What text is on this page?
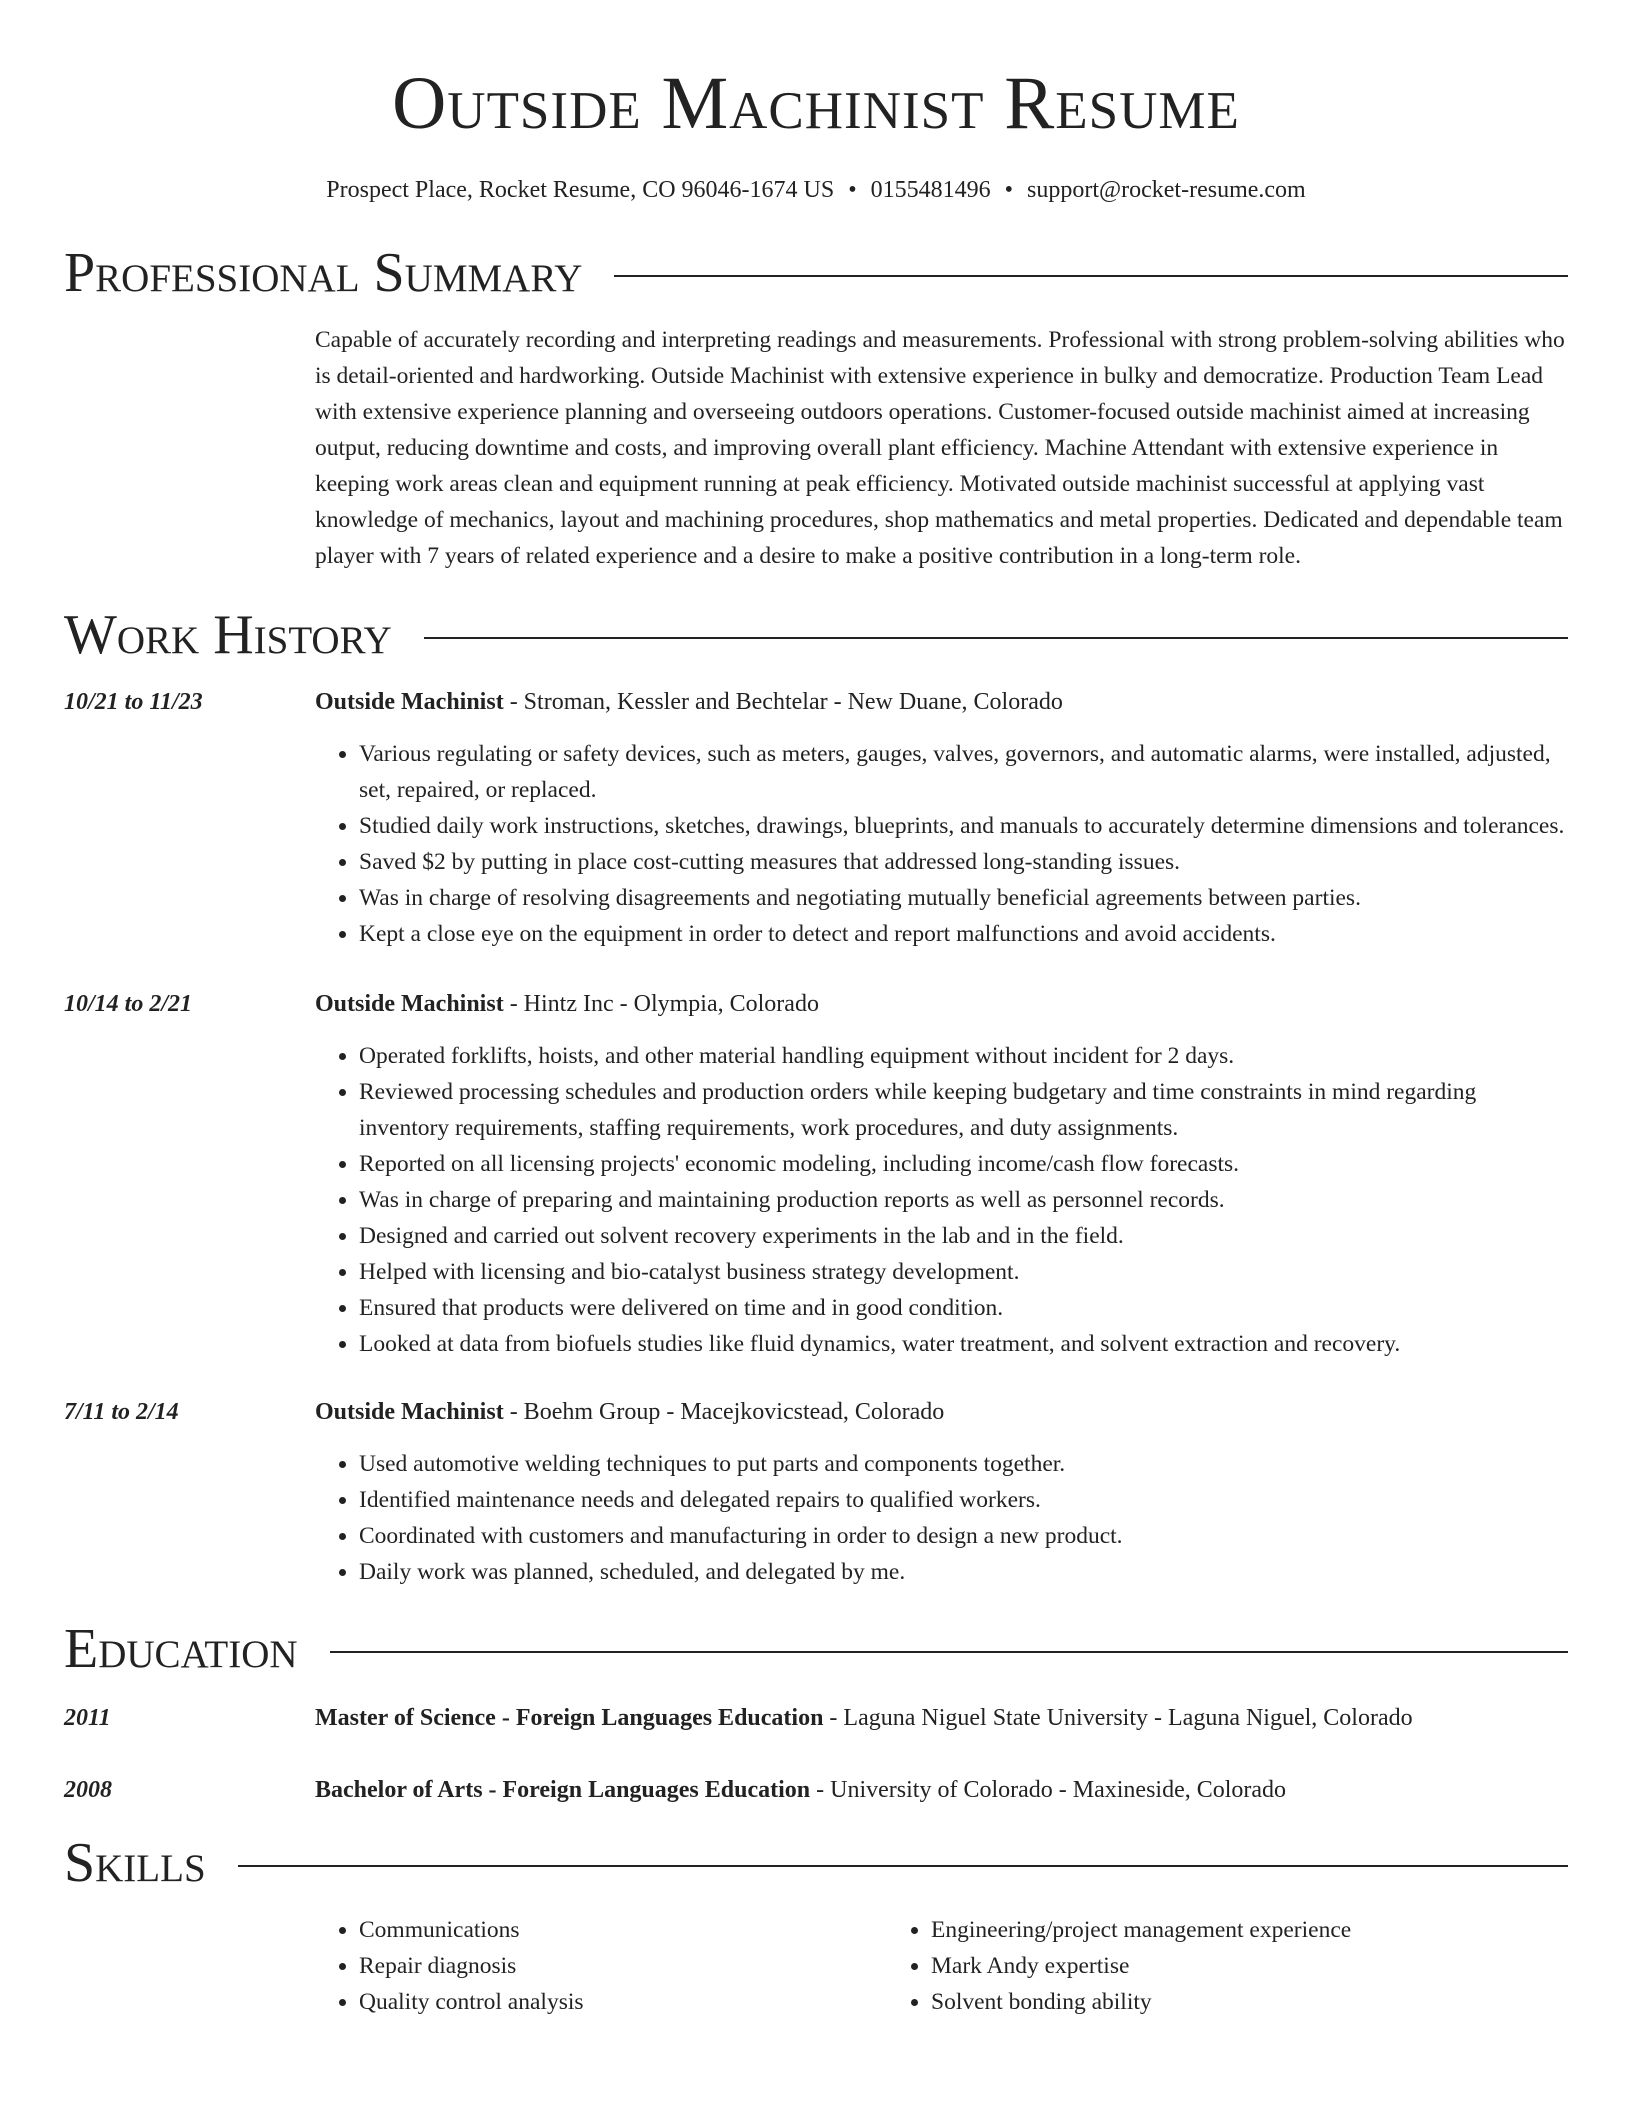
Outside Machinist Resume
Prospect Place, Rocket Resume, CO 96046-1674 US • 0155481496 • support@rocket-resume.com
Professional Summary
Capable of accurately recording and interpreting readings and measurements. Professional with strong problem-solving abilities who is detail-oriented and hardworking. Outside Machinist with extensive experience in bulky and democratize. Production Team Lead with extensive experience planning and overseeing outdoors operations. Customer-focused outside machinist aimed at increasing output, reducing downtime and costs, and improving overall plant efficiency. Machine Attendant with extensive experience in keeping work areas clean and equipment running at peak efficiency. Motivated outside machinist successful at applying vast knowledge of mechanics, layout and machining procedures, shop mathematics and metal properties. Dedicated and dependable team player with 7 years of related experience and a desire to make a positive contribution in a long-term role.
Work History
10/21 to 11/23	Outside Machinist - Stroman, Kessler and Bechtelar - New Duane, Colorado
• Various regulating or safety devices, such as meters, gauges, valves, governors, and automatic alarms, were installed, adjusted, set, repaired, or replaced.
• Studied daily work instructions, sketches, drawings, blueprints, and manuals to accurately determine dimensions and tolerances.
• Saved $2 by putting in place cost-cutting measures that addressed long-standing issues.
• Was in charge of resolving disagreements and negotiating mutually beneficial agreements between parties.
• Kept a close eye on the equipment in order to detect and report malfunctions and avoid accidents.
10/14 to 2/21	Outside Machinist - Hintz Inc - Olympia, Colorado
• Operated forklifts, hoists, and other material handling equipment without incident for 2 days.
• Reviewed processing schedules and production orders while keeping budgetary and time constraints in mind regarding inventory requirements, staffing requirements, work procedures, and duty assignments.
• Reported on all licensing projects' economic modeling, including income/cash flow forecasts.
• Was in charge of preparing and maintaining production reports as well as personnel records.
• Designed and carried out solvent recovery experiments in the lab and in the field.
• Helped with licensing and bio-catalyst business strategy development.
• Ensured that products were delivered on time and in good condition.
• Looked at data from biofuels studies like fluid dynamics, water treatment, and solvent extraction and recovery.
7/11 to 2/14	Outside Machinist - Boehm Group - Macejkovicstead, Colorado
• Used automotive welding techniques to put parts and components together.
• Identified maintenance needs and delegated repairs to qualified workers.
• Coordinated with customers and manufacturing in order to design a new product.
• Daily work was planned, scheduled, and delegated by me.
Education
2011	Master of Science - Foreign Languages Education - Laguna Niguel State University - Laguna Niguel, Colorado
2008	Bachelor of Arts - Foreign Languages Education - University of Colorado - Maxineside, Colorado
Skills
• Communications
• Repair diagnosis
• Quality control analysis
• Engineering/project management experience
• Mark Andy expertise
• Solvent bonding ability
